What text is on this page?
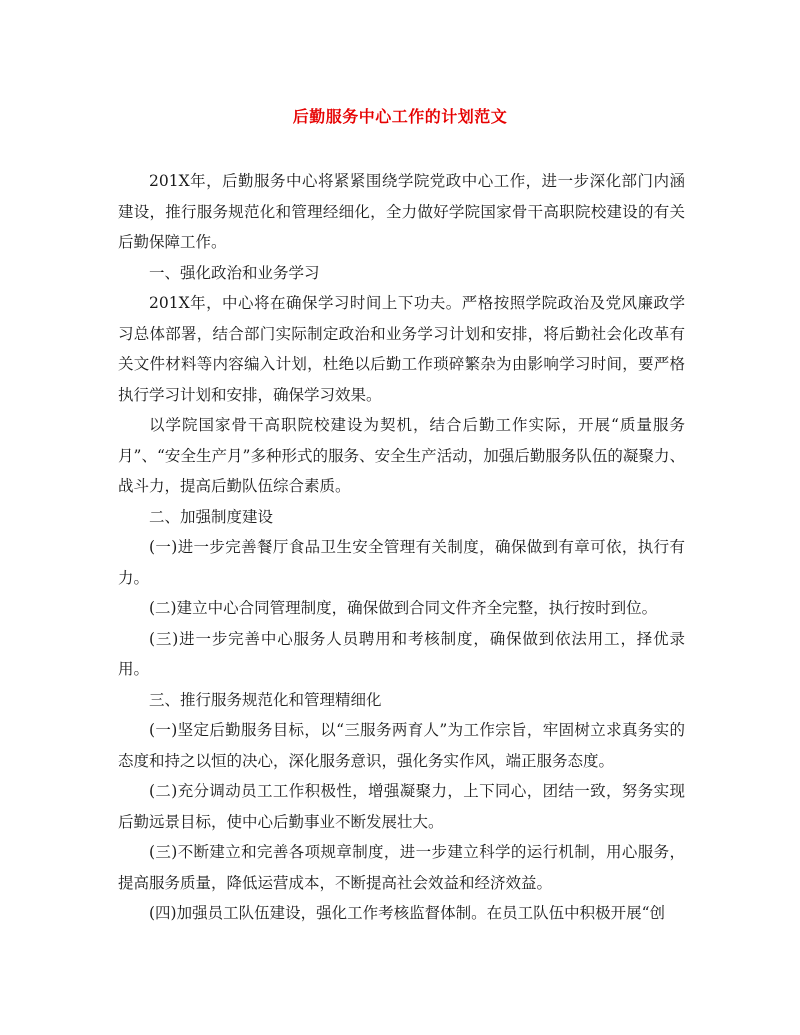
后勤服务中心工作的计划范文

201X年，后勤服务中心将紧紧围绕学院党政中心工作，进一步深化部门内涵建设，推行服务规范化和管理经细化，全力做好学院国家骨干高职院校建设的有关后勤保障工作。

一、强化政治和业务学习

201X年，中心将在确保学习时间上下功夫。严格按照学院政治及党风廉政学习总体部署，结合部门实际制定政治和业务学习计划和安排，将后勤社会化改革有关文件材料等内容编入计划，杜绝以后勤工作琐碎繁杂为由影响学习时间，要严格执行学习计划和安排，确保学习效果。

以学院国家骨干高职院校建设为契机，结合后勤工作实际，开展“质量服务月”、“安全生产月”多种形式的服务、安全生产活动，加强后勤服务队伍的凝聚力、战斗力，提高后勤队伍综合素质。

二、加强制度建设

(一)进一步完善餐厅食品卫生安全管理有关制度，确保做到有章可依，执行有力。

(二)建立中心合同管理制度，确保做到合同文件齐全完整，执行按时到位。

(三)进一步完善中心服务人员聘用和考核制度，确保做到依法用工，择优录用。

三、推行服务规范化和管理精细化

(一)坚定后勤服务目标，以“三服务两育人”为工作宗旨，牢固树立求真务实的态度和持之以恒的决心，深化服务意识，强化务实作风，端正服务态度。

(二)充分调动员工工作积极性，增强凝聚力，上下同心，团结一致，努务实现后勤远景目标，使中心后勤事业不断发展壮大。

(三)不断建立和完善各项规章制度，进一步建立科学的运行机制，用心服务，提高服务质量，降低运营成本，不断提高社会效益和经济效益。

(四)加强员工队伍建设，强化工作考核监督体制。在员工队伍中积极开展“创
